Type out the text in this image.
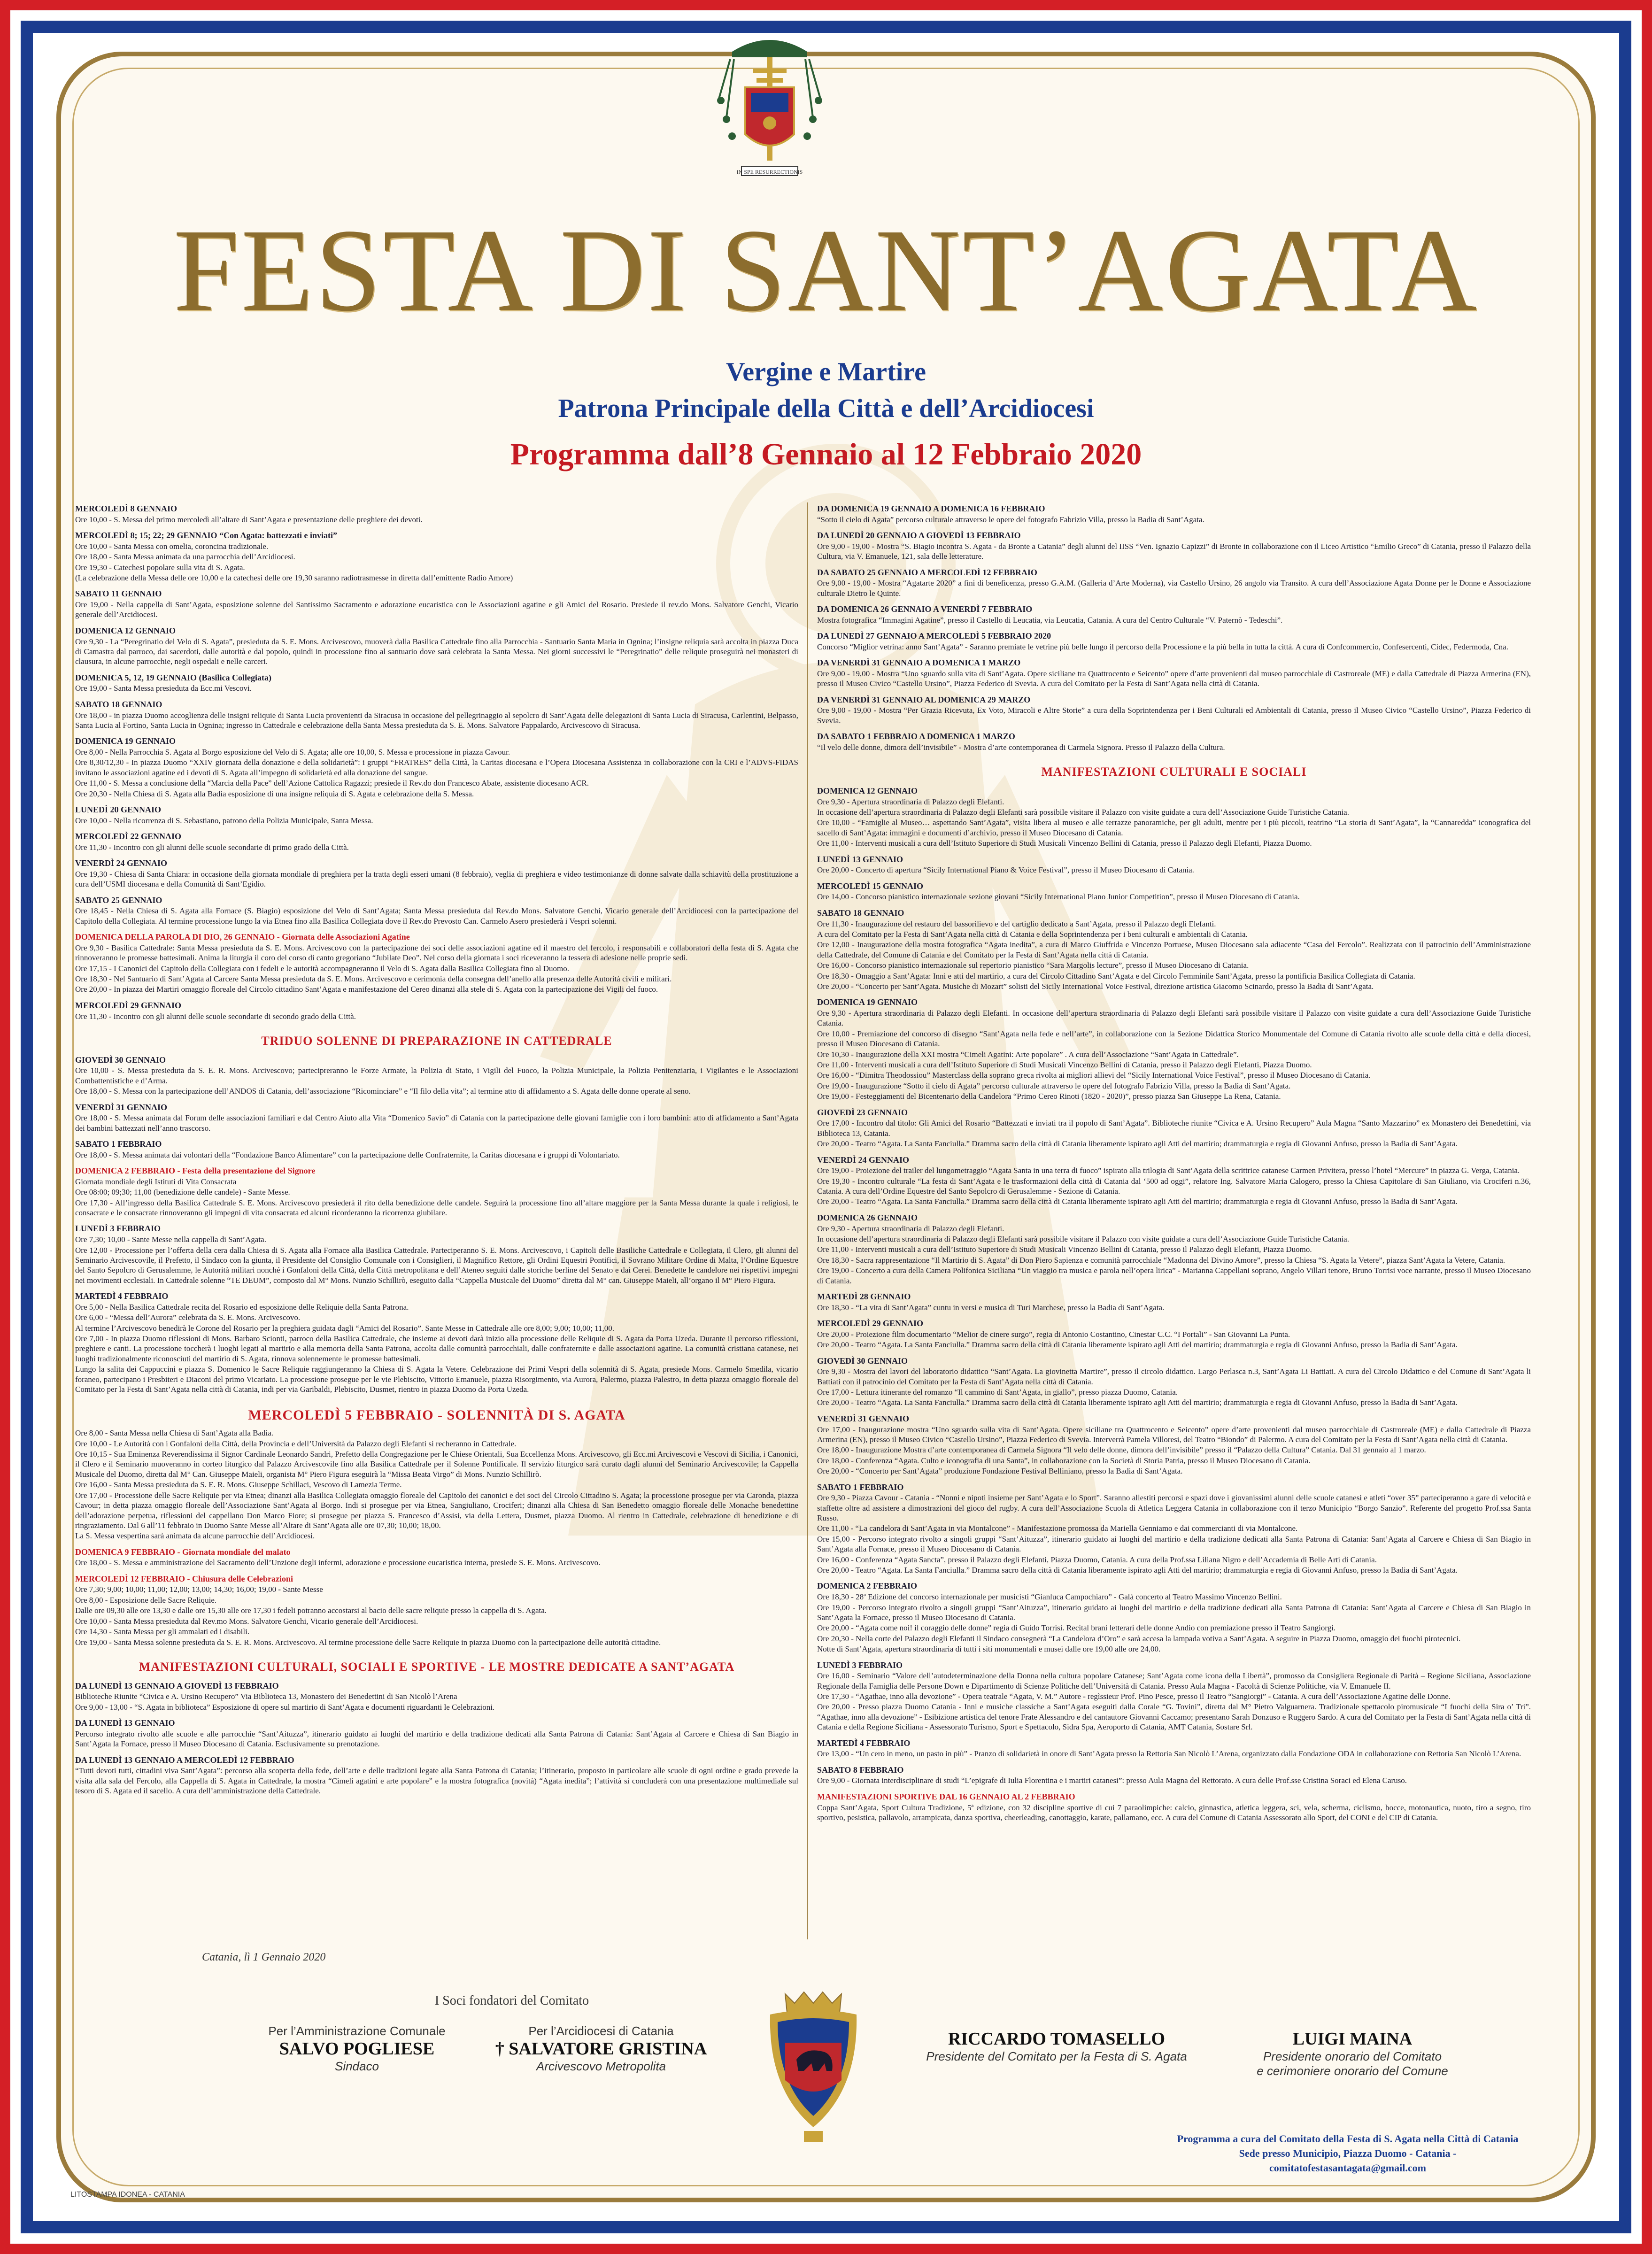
IN SPE RESURRECTIONIS
FESTA DI SANT’AGATA
Vergine e Martire
Patrona Principale della Città e dell’Arcidiocesi
Programma dall’8 Gennaio al 12 Febbraio 2020
MERCOLEDÌ 8 GENNAIO
Ore 10,00 - S. Messa del primo mercoledì all’altare di Sant’Agata e presentazione delle preghiere dei devoti.
MERCOLEDÌ 8; 15; 22; 29 GENNAIO “Con Agata: battezzati e inviati”
Ore 10,00 - Santa Messa con omelia, coroncina tradizionale.
Ore 18,00 - Santa Messa animata da una parrocchia dell’Arcidiocesi.
Ore 19,30 - Catechesi popolare sulla vita di S. Agata.
(La celebrazione della Messa delle ore 10,00 e la catechesi delle ore 19,30 saranno radiotrasmesse in diretta dall’emittente Radio Amore)
SABATO 11 GENNAIO
Ore 19,00 - Nella cappella di Sant’Agata, esposizione solenne del Santissimo Sacramento e adorazione eucaristica con le Associazioni agatine e gli Amici del Rosario. Presiede il rev.do Mons. Salvatore Genchi, Vicario generale dell’Arcidiocesi.
DOMENICA 12 GENNAIO
Ore 9,30 - La “Peregrinatio del Velo di S. Agata”, presieduta da S. E. Mons. Arcivescovo, muoverà dalla Basilica Cattedrale fino alla Parrocchia - Santuario Santa Maria in Ognina; l’insigne reliquia sarà accolta in piazza Duca di Camastra dal parroco, dai sacerdoti, dalle autorità e dal popolo, quindi in processione fino al santuario dove sarà celebrata la Santa Messa. Nei giorni successivi le “Peregrinatio” delle reliquie proseguirà nei monasteri di clausura, in alcune parrocchie, negli ospedali e nelle carceri.
DOMENICA 5, 12, 19 GENNAIO (Basilica Collegiata)
Ore 19,00 - Santa Messa presieduta da Ecc.mi Vescovi.
SABATO 18 GENNAIO
Ore 18,00 - in piazza Duomo accoglienza delle insigni reliquie di Santa Lucia provenienti da Siracusa in occasione del pellegrinaggio al sepolcro di Sant’Agata delle delegazioni di Santa Lucia di Siracusa, Carlentini, Belpasso, Santa Lucia al Fortino, Santa Lucia in Ognina; ingresso in Cattedrale e celebrazione della Santa Messa presieduta da S. E. Mons. Salvatore Pappalardo, Arcivescovo di Siracusa.
DOMENICA 19 GENNAIO
Ore 8,00 - Nella Parrocchia S. Agata al Borgo esposizione del Velo di S. Agata; alle ore 10,00, S. Messa e processione in piazza Cavour.
Ore 8,30/12,30 - In piazza Duomo “XXIV giornata della donazione e della solidarietà”: i gruppi “FRATRES” della Città, la Caritas diocesana e l’Opera Diocesana Assistenza in collaborazione con la CRI e l’ADVS-FIDAS invitano le associazioni agatine ed i devoti di S. Agata all’impegno di solidarietà ed alla donazione del sangue.
Ore 11,00 - S. Messa a conclusione della “Marcia della Pace” dell’Azione Cattolica Ragazzi; presiede il Rev.do don Francesco Abate, assistente diocesano ACR.
Ore 20,30 - Nella Chiesa di S. Agata alla Badia esposizione di una insigne reliquia di S. Agata e celebrazione della S. Messa.
LUNEDÌ 20 GENNAIO
Ore 10,00 - Nella ricorrenza di S. Sebastiano, patrono della Polizia Municipale, Santa Messa.
MERCOLEDÌ 22 GENNAIO
Ore 11,30 - Incontro con gli alunni delle scuole secondarie di primo grado della Città.
VENERDÌ 24 GENNAIO
Ore 19,30 - Chiesa di Santa Chiara: in occasione della giornata mondiale di preghiera per la tratta degli esseri umani (8 febbraio), veglia di preghiera e video testimonianze di donne salvate dalla schiavitù della prostituzione a cura dell’USMI diocesana e della Comunità di Sant’Egidio.
SABATO 25 GENNAIO
Ore 18,45 - Nella Chiesa di S. Agata alla Fornace (S. Biagio) esposizione del Velo di Sant’Agata; Santa Messa presieduta dal Rev.do Mons. Salvatore Genchi, Vicario generale dell’Arcidiocesi con la partecipazione del Capitolo della Collegiata. Al termine processione lungo la via Etnea fino alla Basilica Collegiata dove il Rev.do Prevosto Can. Carmelo Asero presiederà i Vespri solenni.
DOMENICA DELLA PAROLA DI DIO, 26 GENNAIO - Giornata delle Associazioni Agatine
Ore 9,30 - Basilica Cattedrale: Santa Messa presieduta da S. E. Mons. Arcivescovo con la partecipazione dei soci delle associazioni agatine ed il maestro del fercolo, i responsabili e collaboratori della festa di S. Agata che rinnoveranno le promesse battesimali. Anima la liturgia il coro del corso di canto gregoriano “Jubilate Deo”. Nel corso della giornata i soci riceveranno la tessera di adesione nelle proprie sedi.
Ore 17,15 - I Canonici del Capitolo della Collegiata con i fedeli e le autorità accompagneranno il Velo di S. Agata dalla Basilica Collegiata fino al Duomo.
Ore 18,30 - Nel Santuario di Sant’Agata al Carcere Santa Messa presieduta da S. E. Mons. Arcivescovo e cerimonia della consegna dell’anello alla presenza delle Autorità civili e militari.
Ore 20,00 - In piazza dei Martiri omaggio floreale del Circolo cittadino Sant’Agata e manifestazione del Cereo dinanzi alla stele di S. Agata con la partecipazione dei Vigili del fuoco.
MERCOLEDÌ 29 GENNAIO
Ore 11,30 - Incontro con gli alunni delle scuole secondarie di secondo grado della Città.
TRIDUO SOLENNE DI PREPARAZIONE IN CATTEDRALE
GIOVEDÌ 30 GENNAIO
Ore 10,00 - S. Messa presieduta da S. E. R. Mons. Arcivescovo; partecipreranno le Forze Armate, la Polizia di Stato, i Vigili del Fuoco, la Polizia Municipale, la Polizia Penitenziaria, i Vigilantes e le Associazioni Combattentistiche e d’Arma.
Ore 18,00 - S. Messa con la partecipazione dell’ANDOS di Catania, dell’associazione “Ricominciare” e “Il filo della vita”; al termine atto di affidamento a S. Agata delle donne operate al seno.
VENERDÌ 31 GENNAIO
Ore 18,00 - S. Messa animata dal Forum delle associazioni familiari e dal Centro Aiuto alla Vita “Domenico Savio” di Catania con la partecipazione delle giovani famiglie con i loro bambini: atto di affidamento a Sant’Agata dei bambini battezzati nell’anno trascorso.
SABATO 1 FEBBRAIO
Ore 18,00 - S. Messa animata dai volontari della “Fondazione Banco Alimentare” con la partecipazione delle Confraternite, la Caritas diocesana e i gruppi di Volontariato.
DOMENICA 2 FEBBRAIO - Festa della presentazione del Signore
Giornata mondiale degli Istituti di Vita Consacrata
Ore 08:00; 09;30; 11,00 (benedizione delle candele) - Sante Messe.
Ore 17,30 - All’ingresso della Basilica Cattedrale S. E. Mons. Arcivescovo presiederà il rito della benedizione delle candele. Seguirà la processione fino all’altare maggiore per la Santa Messa durante la quale i religiosi, le consacrate e le consacrate rinnoveranno gli impegni di vita consacrata ed alcuni ricorderanno la ricorrenza giubilare.
LUNEDÌ 3 FEBBRAIO
Ore 7,30; 10,00 - Sante Messe nella cappella di Sant’Agata.
Ore 12,00 - Processione per l’offerta della cera dalla Chiesa di S. Agata alla Fornace alla Basilica Cattedrale. Parteciperanno S. E. Mons. Arcivescovo, i Capitoli delle Basiliche Cattedrale e Collegiata, il Clero, gli alunni del Seminario Arcivescovile, il Prefetto, il Sindaco con la giunta, il Presidente del Consiglio Comunale con i Consiglieri, il Magnifico Rettore, gli Ordini Equestri Pontifici, il Sovrano Militare Ordine di Malta, l’Ordine Equestre del Santo Sepolcro di Gerusalemme, le Autorità militari nonché i Gonfaloni della Città, della Città metropolitana e dell’Ateneo seguiti dalle storiche berline del Senato e dai Cerei. Benedette le candelore nei rispettivi impegni nei movimenti ecclesiali. In Cattedrale solenne “TE DEUM”, composto dal M° Mons. Nunzio Schillirò, eseguito dalla “Cappella Musicale del Duomo” diretta dal M° can. Giuseppe Maieli, all’organo il M° Piero Figura.
MARTEDÌ 4 FEBBRAIO
Ore 5,00 - Nella Basilica Cattedrale recita del Rosario ed esposizione delle Reliquie della Santa Patrona.
Ore 6,00 - “Messa dell’Aurora” celebrata da S. E. Mons. Arcivescovo.
Al termine l’Arcivescovo benedirà le Corone del Rosario per la preghiera guidata dagli “Amici del Rosario”. Sante Messe in Cattedrale alle ore 8,00; 9,00; 10,00; 11,00.
Ore 7,00 - In piazza Duomo riflessioni di Mons. Barbaro Scionti, parroco della Basilica Cattedrale, che insieme ai devoti darà inizio alla processione delle Reliquie di S. Agata da Porta Uzeda. Durante il percorso riflessioni, preghiere e canti. La processione toccherà i luoghi legati al martirio e alla memoria della Santa Patrona, accolta dalle comunità parrocchiali, dalle confraternite e dalle associazioni agatine. La comunità cristiana catanese, nei luoghi tradizionalmente riconosciuti del martirio di S. Agata, rinnova solennemente le promesse battesimali.
Lungo la salita dei Cappuccini e piazza S. Domenico le Sacre Reliquie raggiungeranno la Chiesa di S. Agata la Vetere. Celebrazione dei Primi Vespri della solennità di S. Agata, presiede Mons. Carmelo Smedila, vicario foraneo, partecipano i Presbiteri e Diaconi del primo Vicariato. La processione prosegue per le vie Plebiscito, Vittorio Emanuele, piazza Risorgimento, via Aurora, Palermo, piazza Palestro, in detta piazza omaggio floreale del Comitato per la Festa di Sant’Agata nella città di Catania, indi per via Garibaldi, Plebiscito, Dusmet, rientro in piazza Duomo da Porta Uzeda.
MERCOLEDÌ 5 FEBBRAIO - SOLENNITÀ DI S. AGATA
Ore 8,00 - Santa Messa nella Chiesa di Sant’Agata alla Badia.
Ore 10,00 - Le Autorità con i Gonfaloni della Città, della Provincia e dell’Università da Palazzo degli Elefanti si recheranno in Cattedrale.
Ore 10,15 - Sua Eminenza Reverendissima il Signor Cardinale Leonardo Sandri, Prefetto della Congregazione per le Chiese Orientali, Sua Eccellenza Mons. Arcivescovo, gli Ecc.mi Arcivescovi e Vescovi di Sicilia, i Canonici, il Clero e il Seminario muoveranno in corteo liturgico dal Palazzo Arcivescovile fino alla Basilica Cattedrale per il Solenne Pontificale. Il servizio liturgico sarà curato dagli alunni del Seminario Arcivescovile; la Cappella Musicale del Duomo, diretta dal M° Can. Giuseppe Maieli, organista M° Piero Figura eseguirà la “Missa Beata Virgo” di Mons. Nunzio Schillirò.
Ore 16,00 - Santa Messa presieduta da S. E. R. Mons. Giuseppe Schillaci, Vescovo di Lamezia Terme.
Ore 17,00 - Processione delle Sacre Reliquie per via Etnea; dinanzi alla Basilica Collegiata omaggio floreale del Capitolo dei canonici e dei soci del Circolo Cittadino S. Agata; la processione prosegue per via Caronda, piazza Cavour; in detta piazza omaggio floreale dell’Associazione Sant’Agata al Borgo. Indi si prosegue per via Etnea, Sangiuliano, Crociferi; dinanzi alla Chiesa di San Benedetto omaggio floreale delle Monache benedettine dell’adorazione perpetua, riflessioni del cappellano Don Marco Fiore; si prosegue per piazza S. Francesco d’Assisi, via della Lettera, Dusmet, piazza Duomo. Al rientro in Cattedrale, celebrazione di benedizione e di ringraziamento. Dal 6 all’11 febbraio in Duomo Sante Messe all’Altare di Sant’Agata alle ore 07,30; 10,00; 18,00.
La S. Messa vespertina sarà animata da alcune parrocchie dell’Arcidiocesi.
DOMENICA 9 FEBBRAIO - Giornata mondiale del malato
Ore 18,00 - S. Messa e amministrazione del Sacramento dell’Unzione degli infermi, adorazione e processione eucaristica interna, presiede S. E. Mons. Arcivescovo.
MERCOLEDÌ 12 FEBBRAIO - Chiusura delle Celebrazioni
Ore 7,30; 9,00; 10,00; 11,00; 12,00; 13,00; 14,30; 16,00; 19,00 - Sante Messe
Ore 8,00 - Esposizione delle Sacre Reliquie.
Dalle ore 09,30 alle ore 13,30 e dalle ore 15,30 alle ore 17,30 i fedeli potranno accostarsi al bacio delle sacre reliquie presso la cappella di S. Agata.
Ore 10,00 - Santa Messa presieduta dal Rev.mo Mons. Salvatore Genchi, Vicario generale dell’Arcidiocesi.
Ore 14,30 - Santa Messa per gli ammalati ed i disabili.
Ore 19,00 - Santa Messa solenne presieduta da S. E. R. Mons. Arcivescovo. Al termine processione delle Sacre Reliquie in piazza Duomo con la partecipazione delle autorità cittadine.
MANIFESTAZIONI CULTURALI, SOCIALI E SPORTIVE - LE MOSTRE DEDICATE A SANT’AGATA
DA LUNEDÌ 13 GENNAIO A GIOVEDÌ 13 FEBBRAIO
Biblioteche Riunite “Civica e A. Ursino Recupero” Via Biblioteca 13, Monastero dei Benedettini di San Nicolò l’Arena
Ore 9,00 - 13,00 - “S. Agata in biblioteca” Esposizione di opere sul martirio di Sant’Agata e documenti riguardanti le Celebrazioni.
DA LUNEDÌ 13 GENNAIO
Percorso integrato rivolto alle scuole e alle parrocchie “Sant’Aituzza”, itinerario guidato ai luoghi del martirio e della tradizione dedicati alla Santa Patrona di Catania: Sant’Agata al Carcere e Chiesa di San Biagio in Sant’Agata la Fornace, presso il Museo Diocesano di Catania. Esclusivamente su prenotazione.
DA LUNEDÌ 13 GENNAIO A MERCOLEDÌ 12 FEBBRAIO
“Tutti devoti tutti, cittadini viva Sant’Agata”: percorso alla scoperta della fede, dell’arte e delle tradizioni legate alla Santa Patrona di Catania; l’itinerario, proposto in particolare alle scuole di ogni ordine e grado prevede la visita alla sala del Fercolo, alla Cappella di S. Agata in Cattedrale, la mostra “Cimeli agatini e arte popolare” e la mostra fotografica (novità) “Agata inedita”; l’attività si concluderà con una presentazione multimediale sul tesoro di S. Agata ed il sacello. A cura dell’amministrazione della Cattedrale.
DA DOMENICA 19 GENNAIO A DOMENICA 16 FEBBRAIO
“Sotto il cielo di Agata” percorso culturale attraverso le opere del fotografo Fabrizio Villa, presso la Badia di Sant’Agata.
DA LUNEDÌ 20 GENNAIO A GIOVEDÌ 13 FEBBRAIO
Ore 9,00 - 19,00 - Mostra “S. Biagio incontra S. Agata - da Bronte a Catania” degli alunni del IISS “Ven. Ignazio Capizzi” di Bronte in collaborazione con il Liceo Artistico “Emilio Greco” di Catania, presso il Palazzo della Cultura, via V. Emanuele, 121, sala delle letterature.
DA SABATO 25 GENNAIO A MERCOLEDÌ 12 FEBBRAIO
Ore 9,00 - 19,00 - Mostra “Agatarte 2020” a fini di beneficenza, presso G.A.M. (Galleria d’Arte Moderna), via Castello Ursino, 26 angolo via Transito. A cura dell’Associazione Agata Donne per le Donne e Associazione culturale Dietro le Quinte.
DA DOMENICA 26 GENNAIO A VENERDÌ 7 FEBBRAIO
Mostra fotografica “Immagini Agatine”, presso il Castello di Leucatia, via Leucatia, Catania. A cura del Centro Culturale “V. Paternò - Tedeschi”.
DA LUNEDÌ 27 GENNAIO A MERCOLEDÌ 5 FEBBRAIO 2020
Concorso “Miglior vetrina: anno Sant’Agata” - Saranno premiate le vetrine più belle lungo il percorso della Processione e la più bella in tutta la città. A cura di Confcommercio, Confesercenti, Cidec, Federmoda, Cna.
DA VENERDÌ 31 GENNAIO A DOMENICA 1 MARZO
Ore 9,00 - 19,00 - Mostra “Uno sguardo sulla vita di Sant’Agata. Opere siciliane tra Quattrocento e Seicento” opere d’arte provenienti dal museo parrocchiale di Castroreale (ME) e dalla Cattedrale di Piazza Armerina (EN), presso il Museo Civico “Castello Ursino”, Piazza Federico di Svevia. A cura del Comitato per la Festa di Sant’Agata nella città di Catania.
DA VENERDÌ 31 GENNAIO AL DOMENICA 29 MARZO
Ore 9,00 - 19,00 - Mostra “Per Grazia Ricevuta, Ex Voto, Miracoli e Altre Storie” a cura della Soprintendenza per i Beni Culturali ed Ambientali di Catania, presso il Museo Civico “Castello Ursino”, Piazza Federico di Svevia.
DA SABATO 1 FEBBRAIO A DOMENICA 1 MARZO
“Il velo delle donne, dimora dell’invisibile” - Mostra d’arte contemporanea di Carmela Signora. Presso il Palazzo della Cultura.
MANIFESTAZIONI CULTURALI E SOCIALI
DOMENICA 12 GENNAIO
Ore 9,30 - Apertura straordinaria di Palazzo degli Elefanti.
In occasione dell’apertura straordinaria di Palazzo degli Elefanti sarà possibile visitare il Palazzo con visite guidate a cura dell’Associazione Guide Turistiche Catania.
Ore 10,00 - “Famiglie al Museo… aspettando Sant’Agata”, visita libera al museo e alle terrazze panoramiche, per gli adulti, mentre per i più piccoli, teatrino “La storia di Sant’Agata”, la “Cannaredda” iconografica del sacello di Sant’Agata: immagini e documenti d’archivio, presso il Museo Diocesano di Catania.
Ore 11,00 - Interventi musicali a cura dell’Istituto Superiore di Studi Musicali Vincenzo Bellini di Catania, presso il Palazzo degli Elefanti, Piazza Duomo.
LUNEDÌ 13 GENNAIO
Ore 20,00 - Concerto di apertura “Sicily International Piano & Voice Festival”, presso il Museo Diocesano di Catania.
MERCOLEDÌ 15 GENNAIO
Ore 14,00 - Concorso pianistico internazionale sezione giovani “Sicily International Piano Junior Competition”, presso il Museo Diocesano di Catania.
SABATO 18 GENNAIO
Ore 11,30 - Inaugurazione del restauro del bassorilievo e del cartiglio dedicato a Sant’Agata, presso il Palazzo degli Elefanti.
A cura del Comitato per la Festa di Sant’Agata nella città di Catania e della Soprintendenza per i beni culturali e ambientali di Catania.
Ore 12,00 - Inaugurazione della mostra fotografica “Agata inedita”, a cura di Marco Giuffrida e Vincenzo Portuese, Museo Diocesano sala adiacente “Casa del Fercolo”. Realizzata con il patrocinio dell’Amministrazione della Cattedrale, del Comune di Catania e del Comitato per la Festa di Sant’Agata nella città di Catania.
Ore 16,00 - Concorso pianistico internazionale sul repertorio pianistico “Sara Margolis lecture”, presso il Museo Diocesano di Catania.
Ore 18,30 - Omaggio a Sant’Agata: Inni e atti del martirio, a cura del Circolo Cittadino Sant’Agata e del Circolo Femminile Sant’Agata, presso la pontificia Basilica Collegiata di Catania.
Ore 20,00 - “Concerto per Sant’Agata. Musiche di Mozart” solisti del Sicily International Voice Festival, direzione artistica Giacomo Scinardo, presso la Badia di Sant’Agata.
DOMENICA 19 GENNAIO
Ore 9,30 - Apertura straordinaria di Palazzo degli Elefanti. In occasione dell’apertura straordinaria di Palazzo degli Elefanti sarà possibile visitare il Palazzo con visite guidate a cura dell’Associazione Guide Turistiche Catania.
Ore 10,00 - Premiazione del concorso di disegno “Sant’Agata nella fede e nell’arte”, in collaborazione con la Sezione Didattica Storico Monumentale del Comune di Catania rivolto alle scuole della città e della diocesi, presso il Museo Diocesano di Catania.
Ore 10,30 - Inaugurazione della XXI mostra “Cimeli Agatini: Arte popolare” . A cura dell’Associazione “Sant’Agata in Cattedrale”.
Ore 11,00 - Interventi musicali a cura dell’Istituto Superiore di Studi Musicali Vincenzo Bellini di Catania, presso il Palazzo degli Elefanti, Piazza Duomo.
Ore 16,00 - “Dimitra Theodossiou” Masterclass della soprano greca rivolta ai migliori allievi del “Sicily International Voice Festival”, presso il Museo Diocesano di Catania.
Ore 19,00 - Inaugurazione “Sotto il cielo di Agata” percorso culturale attraverso le opere del fotografo Fabrizio Villa, presso la Badia di Sant’Agata.
Ore 19,00 - Festeggiamenti del Bicentenario della Candelora “Primo Cereo Rinoti (1820 - 2020)”, presso piazza San Giuseppe La Rena, Catania.
GIOVEDÌ 23 GENNAIO
Ore 17,00 - Incontro dal titolo: Gli Amici del Rosario “Battezzati e inviati tra il popolo di Sant’Agata”. Biblioteche riunite “Civica e A. Ursino Recupero” Aula Magna “Santo Mazzarino” ex Monastero dei Benedettini, via Biblioteca 13, Catania.
Ore 20,00 - Teatro “Agata. La Santa Fanciulla.” Dramma sacro della città di Catania liberamente ispirato agli Atti del martirio; drammaturgia e regia di Giovanni Anfuso, presso la Badia di Sant’Agata.
VENERDÌ 24 GENNAIO
Ore 19,00 - Proiezione del trailer del lungometraggio “Agata Santa in una terra di fuoco” ispirato alla trilogia di Sant’Agata della scrittrice catanese Carmen Privitera, presso l’hotel “Mercure” in piazza G. Verga, Catania.
Ore 19,30 - Incontro culturale “La festa di Sant’Agata e le trasformazioni della città di Catania dal ‘500 ad oggi”, relatore Ing. Salvatore Maria Calogero, presso la Chiesa Capitolare di San Giuliano, via Crociferi n.36, Catania. A cura dell’Ordine Equestre del Santo Sepolcro di Gerusalemme - Sezione di Catania.
Ore 20,00 - Teatro “Agata. La Santa Fanciulla.” Dramma sacro della città di Catania liberamente ispirato agli Atti del martirio; drammaturgia e regia di Giovanni Anfuso, presso la Badia di Sant’Agata.
DOMENICA 26 GENNAIO
Ore 9,30 - Apertura straordinaria di Palazzo degli Elefanti.
In occasione dell’apertura straordinaria di Palazzo degli Elefanti sarà possibile visitare il Palazzo con visite guidate a cura dell’Associazione Guide Turistiche Catania.
Ore 11,00 - Interventi musicali a cura dell’Istituto Superiore di Studi Musicali Vincenzo Bellini di Catania, presso il Palazzo degli Elefanti, Piazza Duomo.
Ore 18,30 - Sacra rappresentazione “Il Martirio di S. Agata” di Don Piero Sapienza e comunità parrocchiale “Madonna del Divino Amore”, presso la Chiesa “S. Agata la Vetere”, piazza Sant’Agata la Vetere, Catania.
Ore 19,00 - Concerto a cura della Camera Polifonica Siciliana “Un viaggio tra musica e parola nell’opera lirica” - Marianna Cappellani soprano, Angelo Villari tenore, Bruno Torrisi voce narrante, presso il Museo Diocesano di Catania.
MARTEDÌ 28 GENNAIO
Ore 18,30 - “La vita di Sant’Agata” cuntu in versi e musica di Turi Marchese, presso la Badia di Sant’Agata.
MERCOLEDÌ 29 GENNAIO
Ore 20,00 - Proiezione film documentario “Melior de cinere surgo”, regia di Antonio Costantino, Cinestar C.C. “I Portali” - San Giovanni La Punta.
Ore 20,00 - Teatro “Agata. La Santa Fanciulla.” Dramma sacro della città di Catania liberamente ispirato agli Atti del martirio; drammaturgia e regia di Giovanni Anfuso, presso la Badia di Sant’Agata.
GIOVEDÌ 30 GENNAIO
Ore 9,30 - Mostra dei lavori del laboratorio didattico “Sant’Agata. La giovinetta Martire”, presso il circolo didattico. Largo Perlasca n.3, Sant’Agata Li Battiati. A cura del Circolo Didattico e del Comune di Sant’Agata li Battiati con il patrocinio del Comitato per la Festa di Sant’Agata nella città di Catania.
Ore 17,00 - Lettura itinerante del romanzo “Il cammino di Sant’Agata, in giallo”, presso piazza Duomo, Catania.
Ore 20,00 - Teatro “Agata. La Santa Fanciulla.” Dramma sacro della città di Catania liberamente ispirato agli Atti del martirio; drammaturgia e regia di Giovanni Anfuso, presso la Badia di Sant’Agata.
VENERDÌ 31 GENNAIO
Ore 17,00 - Inaugurazione mostra “Uno sguardo sulla vita di Sant’Agata. Opere siciliane tra Quattrocento e Seicento” opere d’arte provenienti dal museo parrocchiale di Castroreale (ME) e dalla Cattedrale di Piazza Armerina (EN), presso il Museo Civico “Castello Ursino”, Piazza Federico di Svevia. Interverrà Pamela Villoresi, del Teatro “Biondo” di Palermo. A cura del Comitato per la Festa di Sant’Agata nella città di Catania.
Ore 18,00 - Inaugurazione Mostra d’arte contemporanea di Carmela Signora “Il velo delle donne, dimora dell’invisibile” presso il “Palazzo della Cultura” Catania. Dal 31 gennaio al 1 marzo.
Ore 18,00 - Conferenza “Agata. Culto e iconografia di una Santa”, in collaborazione con la Società di Storia Patria, presso il Museo Diocesano di Catania.
Ore 20,00 - “Concerto per Sant’Agata” produzione Fondazione Festival Belliniano, presso la Badia di Sant’Agata.
SABATO 1 FEBBRAIO
Ore 9,30 - Piazza Cavour - Catania - “Nonni e nipoti insieme per Sant’Agata e lo Sport”. Saranno allestiti percorsi e spazi dove i giovanissimi alunni delle scuole catanesi e atleti “over 35” parteciperanno a gare di velocità e staffette oltre ad assistere a dimostrazioni del gioco del rugby. A cura dell’Associazione Scuola di Atletica Leggera Catania in collaborazione con il terzo Municipio “Borgo Sanzio”. Referente del progetto Prof.ssa Santa Russo.
Ore 11,00 - “La candelora di Sant’Agata in via Montalcone” - Manifestazione promossa da Mariella Genniamo e dai commercianti di via Montalcone.
Ore 15,00 - Percorso integrato rivolto a singoli gruppi “Sant’Aituzza”, itinerario guidato ai luoghi del martirio e della tradizione dedicati alla Santa Patrona di Catania: Sant’Agata al Carcere e Chiesa di San Biagio in Sant’Agata alla Fornace, presso il Museo Diocesano di Catania.
Ore 16,00 - Conferenza “Agata Sancta”, presso il Palazzo degli Elefanti, Piazza Duomo, Catania. A cura della Prof.ssa Liliana Nigro e dell’Accademia di Belle Arti di Catania.
Ore 20,00 - Teatro “Agata. La Santa Fanciulla.” Dramma sacro della città di Catania liberamente ispirato agli Atti del martirio; drammaturgia e regia di Giovanni Anfuso, presso la Badia di Sant’Agata.
DOMENICA 2 FEBBRAIO
Ore 18,30 - 28ª Edizione del concorso internazionale per musicisti “Gianluca Campochiaro” - Galà concerto al Teatro Massimo Vincenzo Bellini.
Ore 19,00 - Percorso integrato rivolto a singoli gruppi “Sant’Aituzza”, itinerario guidato ai luoghi del martirio e della tradizione dedicati alla Santa Patrona di Catania: Sant’Agata al Carcere e Chiesa di San Biagio in Sant’Agata la Fornace, presso il Museo Diocesano di Catania.
Ore 20,00 - “Agata come noi! il coraggio delle donne” regia di Guido Torrisi. Recital brani letterari delle donne Andio con premiazione presso il Teatro Sangiorgi.
Ore 20,30 - Nella corte del Palazzo degli Elefanti il Sindaco consegnerà “La Candelora d’Oro” e sarà accesa la lampada votiva a Sant’Agata. A seguire in Piazza Duomo, omaggio dei fuochi pirotecnici.
Notte di Sant’Agata, apertura straordinaria di tutti i siti monumentali e musei dalle ore 19,00 alle ore 24,00.
LUNEDÌ 3 FEBBRAIO
Ore 16,00 - Seminario “Valore dell’autodeterminazione della Donna nella cultura popolare Catanese; Sant’Agata come icona della Libertà”, promosso da Consigliera Regionale di Parità – Regione Siciliana, Associazione Regionale della Famiglia delle Persone Down e Dipartimento di Scienze Politiche dell’Università di Catania. Presso Aula Magna - Facoltà di Scienze Politiche, via V. Emanuele II.
Ore 17,30 - “Agathae, inno alla devozione” - Opera teatrale “Agata, V. M.” Autore - regìssieur Prof. Pino Pesce, presso il Teatro “Sangiorgi” - Catania. A cura dell’Associazione Agatine delle Donne.
Ore 20,00 - Presso piazza Duomo Catania - Inni e musiche classiche a Sant’Agata eseguiti dalla Corale “G. Tovini”, diretta dal M° Pietro Valguarnera. Tradizionale spettacolo piromusicale “I fuochi della Sira o’ Tri”. “Agathae, inno alla devozione” - Esibizione artistica del tenore Frate Alessandro e del cantautore Giovanni Caccamo; presentano Sarah Donzuso e Ruggero Sardo. A cura del Comitato per la Festa di Sant’Agata nella città di Catania e della Regione Siciliana - Assessorato Turismo, Sport e Spettacolo, Sidra Spa, Aeroporto di Catania, AMT Catania, Sostare Srl.
MARTEDÌ 4 FEBBRAIO
Ore 13,00 - “Un cero in meno, un pasto in più” - Pranzo di solidarietà in onore di Sant’Agata presso la Rettoria San Nicolò L’Arena, organizzato dalla Fondazione ODA in collaborazione con Rettoria San Nicolò L’Arena.
SABATO 8 FEBBRAIO
Ore 9,00 - Giornata interdisciplinare di studi “L’epigrafe di Iulia Florentina e i martiri catanesi”: presso Aula Magna del Rettorato. A cura delle Prof.sse Cristina Soraci ed Elena Caruso.
MANIFESTAZIONI SPORTIVE DAL 16 GENNAIO AL 2 FEBBRAIO
Coppa Sant’Agata, Sport Cultura Tradizione, 5ª edizione, con 32 discipline sportive di cui 7 paraolimpiche: calcio, ginnastica, atletica leggera, sci, vela, scherma, ciclismo, bocce, motonautica, nuoto, tiro a segno, tiro sportivo, pesistica, pallavolo, arrampicata, danza sportiva, cheerleading, canottaggio, karate, pallamano, ecc. A cura del Comune di Catania Assessorato allo Sport, del CONI e del CIP di Catania.
Catania, lì 1 Gennaio 2020
I Soci fondatori del Comitato
Per l’Amministrazione Comunale
SALVO POGLIESE
Sindaco
Per l’Arcidiocesi di Catania
† SALVATORE GRISTINA
Arcivescovo Metropolita
RICCARDO TOMASELLO
Presidente del Comitato per la Festa di S. Agata
LUIGI MAINA
Presidente onorario del Comitato
e cerimoniere onorario del Comune
Programma a cura del Comitato della Festa di S. Agata nella Città di Catania
Sede presso Municipio, Piazza Duomo - Catania - comitatofestasantagata@gmail.com
LITOSTAMPA IDONEA - CATANIA
